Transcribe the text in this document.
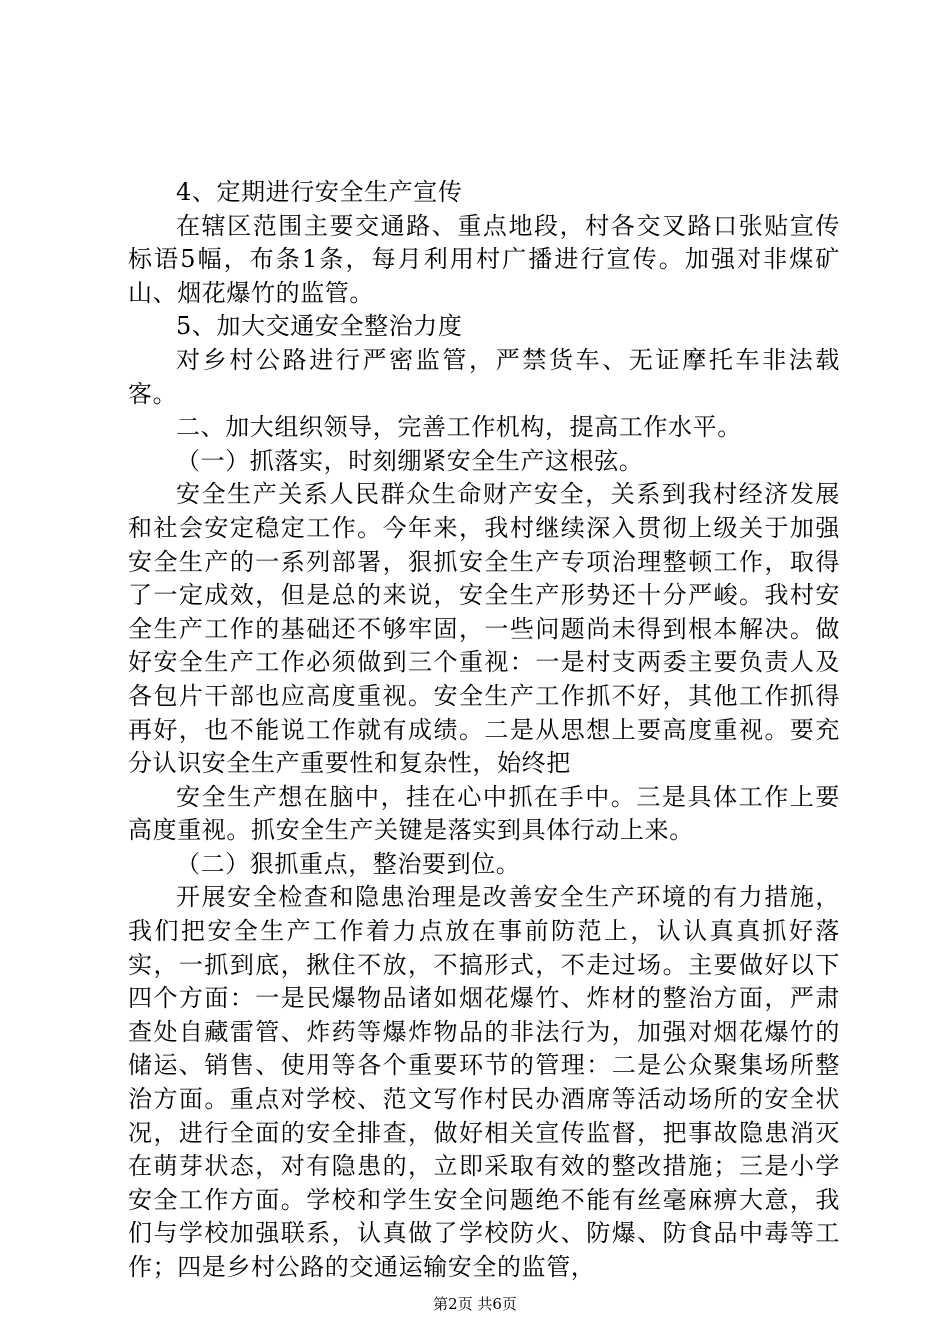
4、定期进行安全生产宣传

在辖区范围主要交通路、重点地段，村各交叉路口张贴宣传标语5幅，布条1条，每月利用村广播进行宣传。加强对非煤矿山、烟花爆竹的监管。

5、加大交通安全整治力度

对乡村公路进行严密监管，严禁货车、无证摩托车非法载客。

二、加大组织领导，完善工作机构，提高工作水平。

（一）抓落实，时刻绷紧安全生产这根弦。

安全生产关系人民群众生命财产安全，关系到我村经济发展和社会安定稳定工作。今年来，我村继续深入贯彻上级关于加强安全生产的一系列部署，狠抓安全生产专项治理整顿工作，取得了一定成效，但是总的来说，安全生产形势还十分严峻。我村安全生产工作的基础还不够牢固，一些问题尚未得到根本解决。做好安全生产工作必须做到三个重视：一是村支两委主要负责人及各包片干部也应高度重视。安全生产工作抓不好，其他工作抓得再好，也不能说工作就有成绩。二是从思想上要高度重视。要充分认识安全生产重要性和复杂性，始终把

安全生产想在脑中，挂在心中抓在手中。三是具体工作上要高度重视。抓安全生产关键是落实到具体行动上来。

（二）狠抓重点，整治要到位。

开展安全检查和隐患治理是改善安全生产环境的有力措施，我们把安全生产工作着力点放在事前防范上，认认真真抓好落实，一抓到底，揪住不放，不搞形式，不走过场。主要做好以下四个方面：一是民爆物品诸如烟花爆竹、炸材的整治方面，严肃查处自藏雷管、炸药等爆炸物品的非法行为，加强对烟花爆竹的储运、销售、使用等各个重要环节的管理：二是公众聚集场所整治方面。重点对学校、范文写作村民办酒席等活动场所的安全状况，进行全面的安全排查，做好相关宣传监督，把事故隐患消灭在萌芽状态，对有隐患的，立即采取有效的整改措施；三是小学安全工作方面。学校和学生安全问题绝不能有丝毫麻痹大意，我们与学校加强联系，认真做了学校防火、防爆、防食品中毒等工作；四是乡村公路的交通运输安全的监管，

第2页 共6页
